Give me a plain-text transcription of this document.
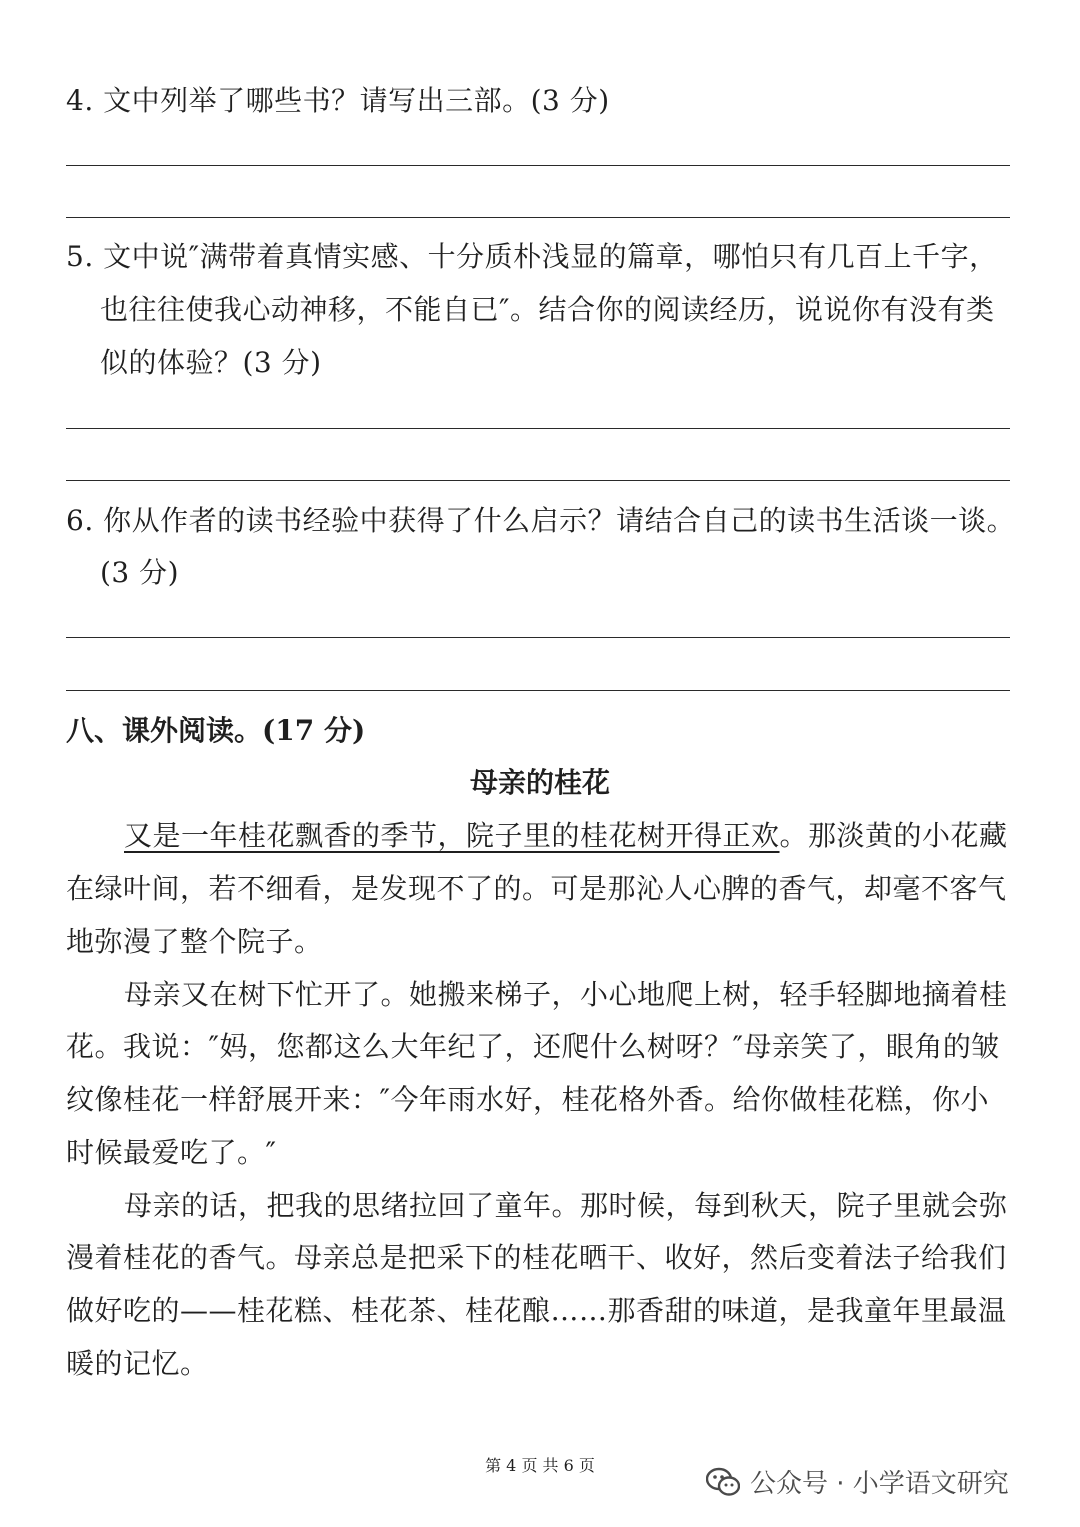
4. 文中列举了哪些书？请写出三部。(3 分)
5. 文中说″满带着真情实感、十分质朴浅显的篇章，哪怕只有几百上千字，
也往往使我心动神移，不能自已″。结合你的阅读经历，说说你有没有类
似的体验？(3 分)
6. 你从作者的读书经验中获得了什么启示？请结合自己的读书生活谈一谈。
(3 分)
八、课外阅读。(17 分)
母亲的桂花
又是一年桂花飘香的季节，院子里的桂花树开得正欢。那淡黄的小花藏
在绿叶间，若不细看，是发现不了的。可是那沁人心脾的香气，却毫不客气
地弥漫了整个院子。
母亲又在树下忙开了。她搬来梯子，小心地爬上树，轻手轻脚地摘着桂
花。我说：″妈，您都这么大年纪了，还爬什么树呀？″母亲笑了，眼角的皱
纹像桂花一样舒展开来：″今年雨水好，桂花格外香。给你做桂花糕，你小
时候最爱吃了。″
母亲的话，把我的思绪拉回了童年。那时候，每到秋天，院子里就会弥
漫着桂花的香气。母亲总是把采下的桂花晒干、收好，然后变着法子给我们
做好吃的——桂花糕、桂花茶、桂花酿……那香甜的味道，是我童年里最温
暖的记忆。
第 4 页 共 6 页
公众号 · 小学语文研究
